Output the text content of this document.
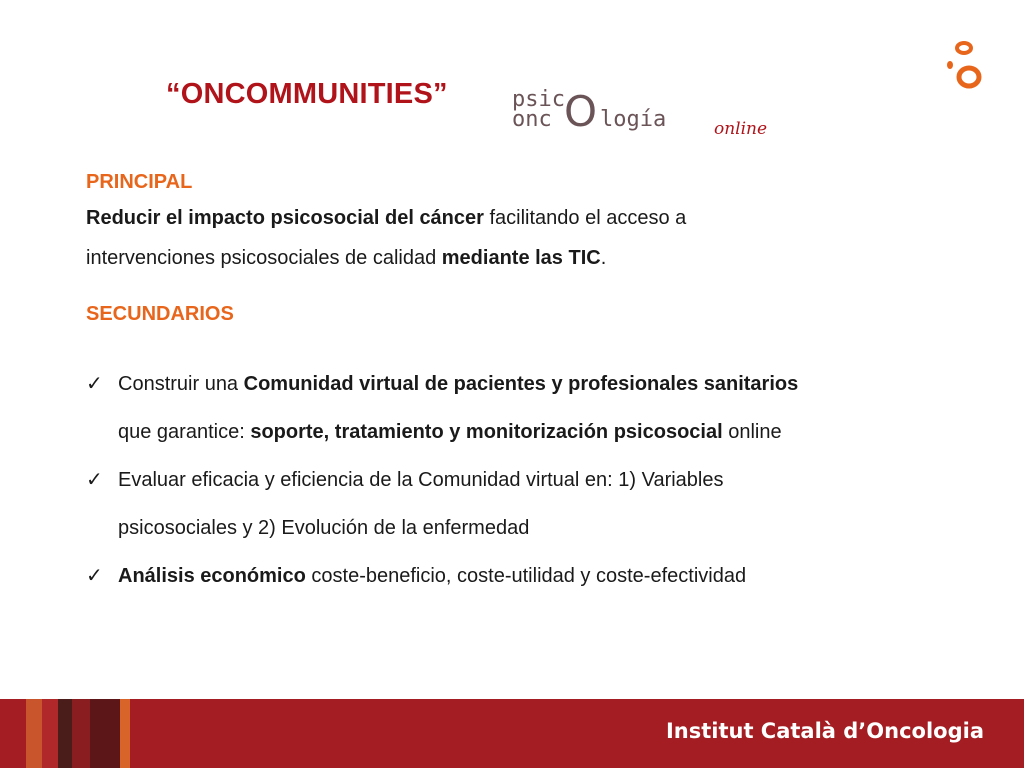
“ONCOMMUNITIES”	psic
onc O logía	online
PRINCIPAL

Reducir el impacto psicosocial del cáncer facilitando el acceso a
intervenciones psicosociales de calidad mediante las TIC.

SECUNDARIOS
✓ Construir una Comunidad virtual de pacientes y profesionales sanitarios
que garantice: soporte, tratamiento y monitorización psicosocial online
✓ Evaluar eficacia y eficiencia de la Comunidad virtual en: 1) Variables
psicosociales y 2) Evolución de la enfermedad
✓ Análisis económico coste-beneficio, coste-utilidad y coste-efectividad
Institut Català d’Oncologia
